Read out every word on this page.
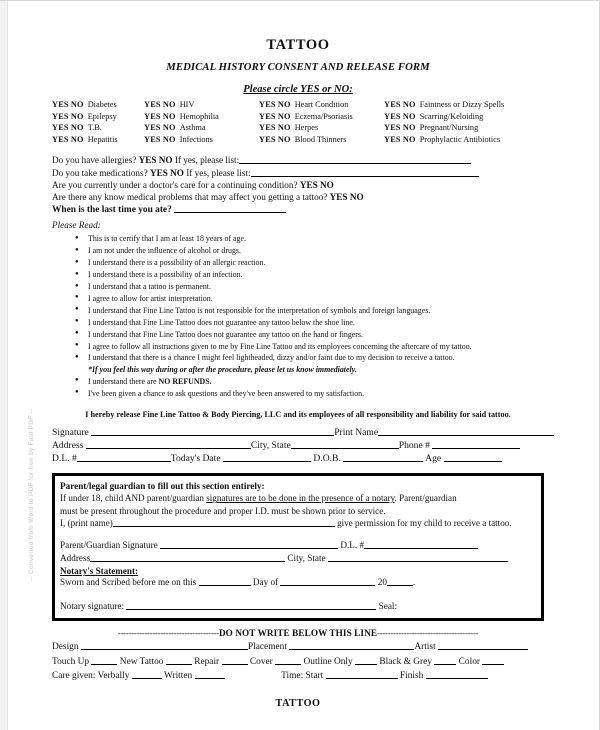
-- Converted from Word to PDF for free by Fast PDF --
TATTOO
MEDICAL HISTORY CONSENT AND RELEASE FORM
Please circle YES or NO:
YES NO Diabetes	YES NO HIV	YES NO Heart Condition	YES NO Faintness or Dizzy Spells
YES NO Epilepsy	YES NO Hemophilia	YES NO Eczema/Psoriasis	YES NO Scarring/Keloiding
YES NO T.B.	YES NO Asthma	YES NO Herpes	YES NO Pregnant/Nursing
YES NO Hepatitis	YES NO Infections	YES NO Blood Thinners	YES NO Prophylactic Antibiotics
Do you have allergies? YES NO If yes, please list:
Do you take medications? YES NO If yes, please list:
Are you currently under a doctor's care for a continuing condition? YES NO
Are there any know medical problems that may affect you getting a tattoo? YES NO
When is the last time you ate?
Please Read:
● This is to certify that I am at least 18 years of age.
● I am not under the influence of alcohol or drugs.
● I understand there is a possibility of an allergic reaction.
● I understand there is a possibility of an infection.
● I understand that a tattoo is permanent.
● I agree to allow for artist interpretation.
● I understand that Fine Line Tattoo is not responsible for the interpretation of symbols and foreign languages.
● I understand that Fine Line Tattoo does not guarantee any tattoo below the shoe line.
● I understand that Fine Line Tattoo does not guarantee any tattoo on the hand or fingers.
● I agree to follow all instructions given to me by Fine Line Tattoo and its employees concerning the aftercare of my tattoo.
● I understand that there is a chance I might feel lightheaded, dizzy and/or faint due to my decision to receive a tattoo.
*If you feel this way during or after the procedure, please let us know immediately.
● I understand there are NO REFUNDS.
● I've been given a chance to ask questions and they've been answered to my satisfaction.
I hereby release Fine Line Tattoo & Body Piercing, LLC and its employees of all responsibility and liability for said tattoo.
Signature	Print Name
Address	City, State	Phone #
D.L. #	Today's Date	D.O.B.	Age
Parent/legal guardian to fill out this section entirely:
If under 18, child AND parent/guardian signatures are to be done in the presence of a notary. Parent/guardian
must be present throughout the procedure and proper I.D. must be shown prior to service.
I, (print name)	give permission for my child to receive a tattoo.
Parent/Guardian Signature	D.L. #
Address	City, State
Notary's Statement:
Sworn and Scribed before me on this	Day of	20	.
Notary signature:	Seal:
--------------------------------------DO NOT WRITE BELOW THIS LINE--------------------------------------
Design	Placement	Artist
Touch Up	New Tattoo	Repair	Cover	Outline Only	Black & Grey	Color
Care given: Verbally	Written	Time: Start	Finish
TATTOO
